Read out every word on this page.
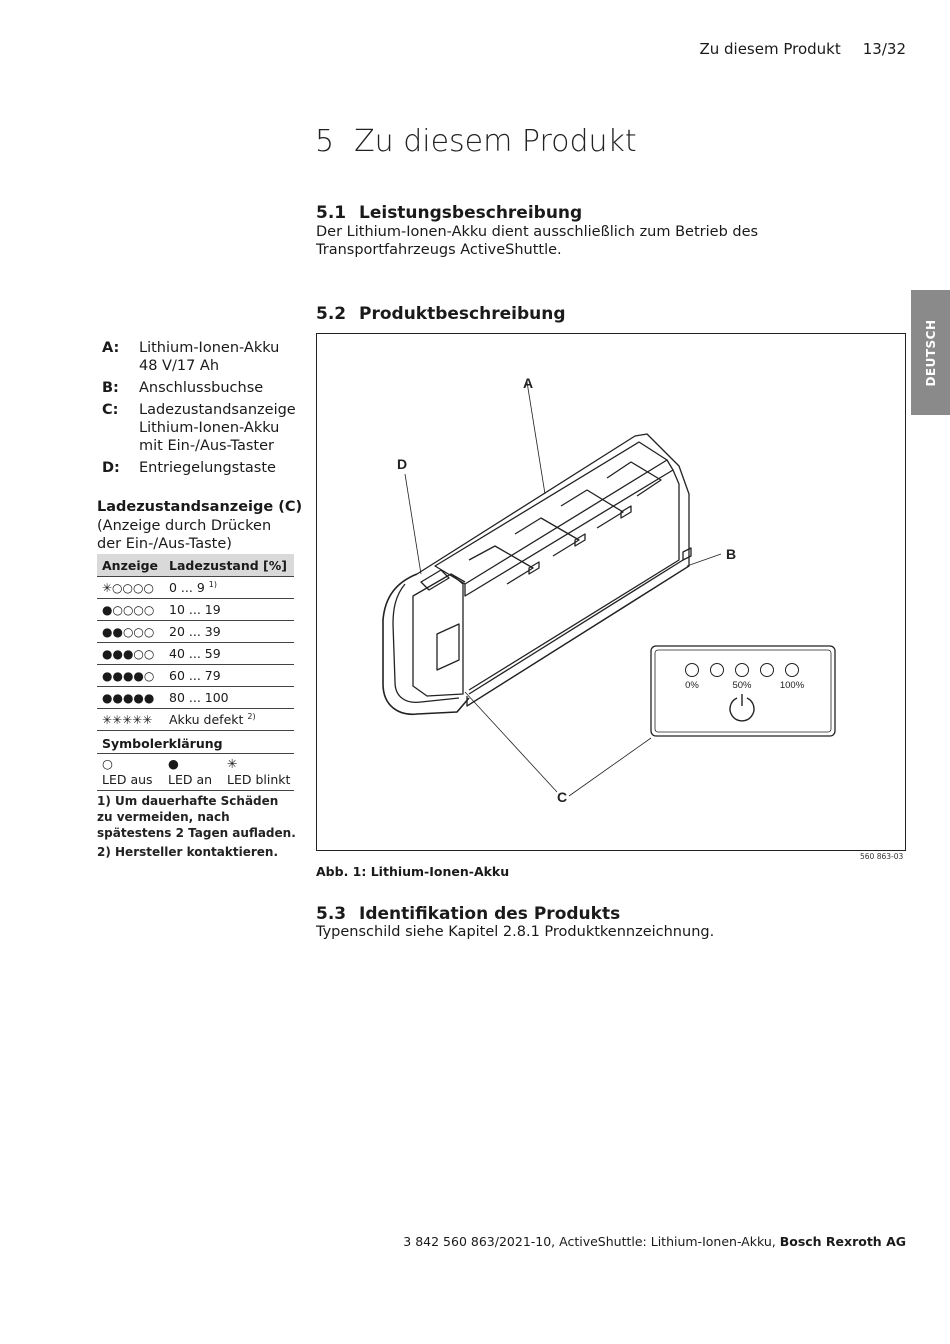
Zu diesem Produkt 13/32
DEUTSCH
5 Zu diesem Produkt
5.1 Leistungsbeschreibung
Der Lithium-Ionen-Akku dient ausschließlich zum Betrieb des Transportfahrzeugs ActiveShuttle.
5.2 Produktbeschreibung
A:	Lithium-Ionen-Akku
48 V/17 Ah
B:	Anschlussbuchse
C:	Ladezustandsanzeige
Lithium-Ionen-Akku
mit Ein-/Aus-Taster
D:	Entriegelungstaste
Ladezustandsanzeige (C)
(Anzeige durch Drücken der Ein-/Aus-Taste)
Anzeige	Ladezustand [%]
✳○○○○	0 ... 9 $^{1)}$
●○○○○	10 ... 19
●●○○○	20 ... 39
●●●○○	40 ... 59
●●●●○	60 ... 79
●●●●●	80 ... 100
✳✳✳✳✳	Akku defekt $^{2)}$
Symbolerklärung
○	●	✳
LED aus	LED an	LED blinkt

1) Um dauerhafte Schäden zu vermeiden, nach spätestens 2 Tagen aufladen.

2) Hersteller kontaktieren.

0%	50%	100%
A
B
C
D
560 863-03
Abb. 1: Lithium-Ionen-Akku
5.3 Identifikation des Produkts
Typenschild siehe Kapitel 2.8.1 Produktkennzeichnung.
3 842 560 863/2021-10, ActiveShuttle: Lithium-Ionen-Akku, Bosch Rexroth AG
